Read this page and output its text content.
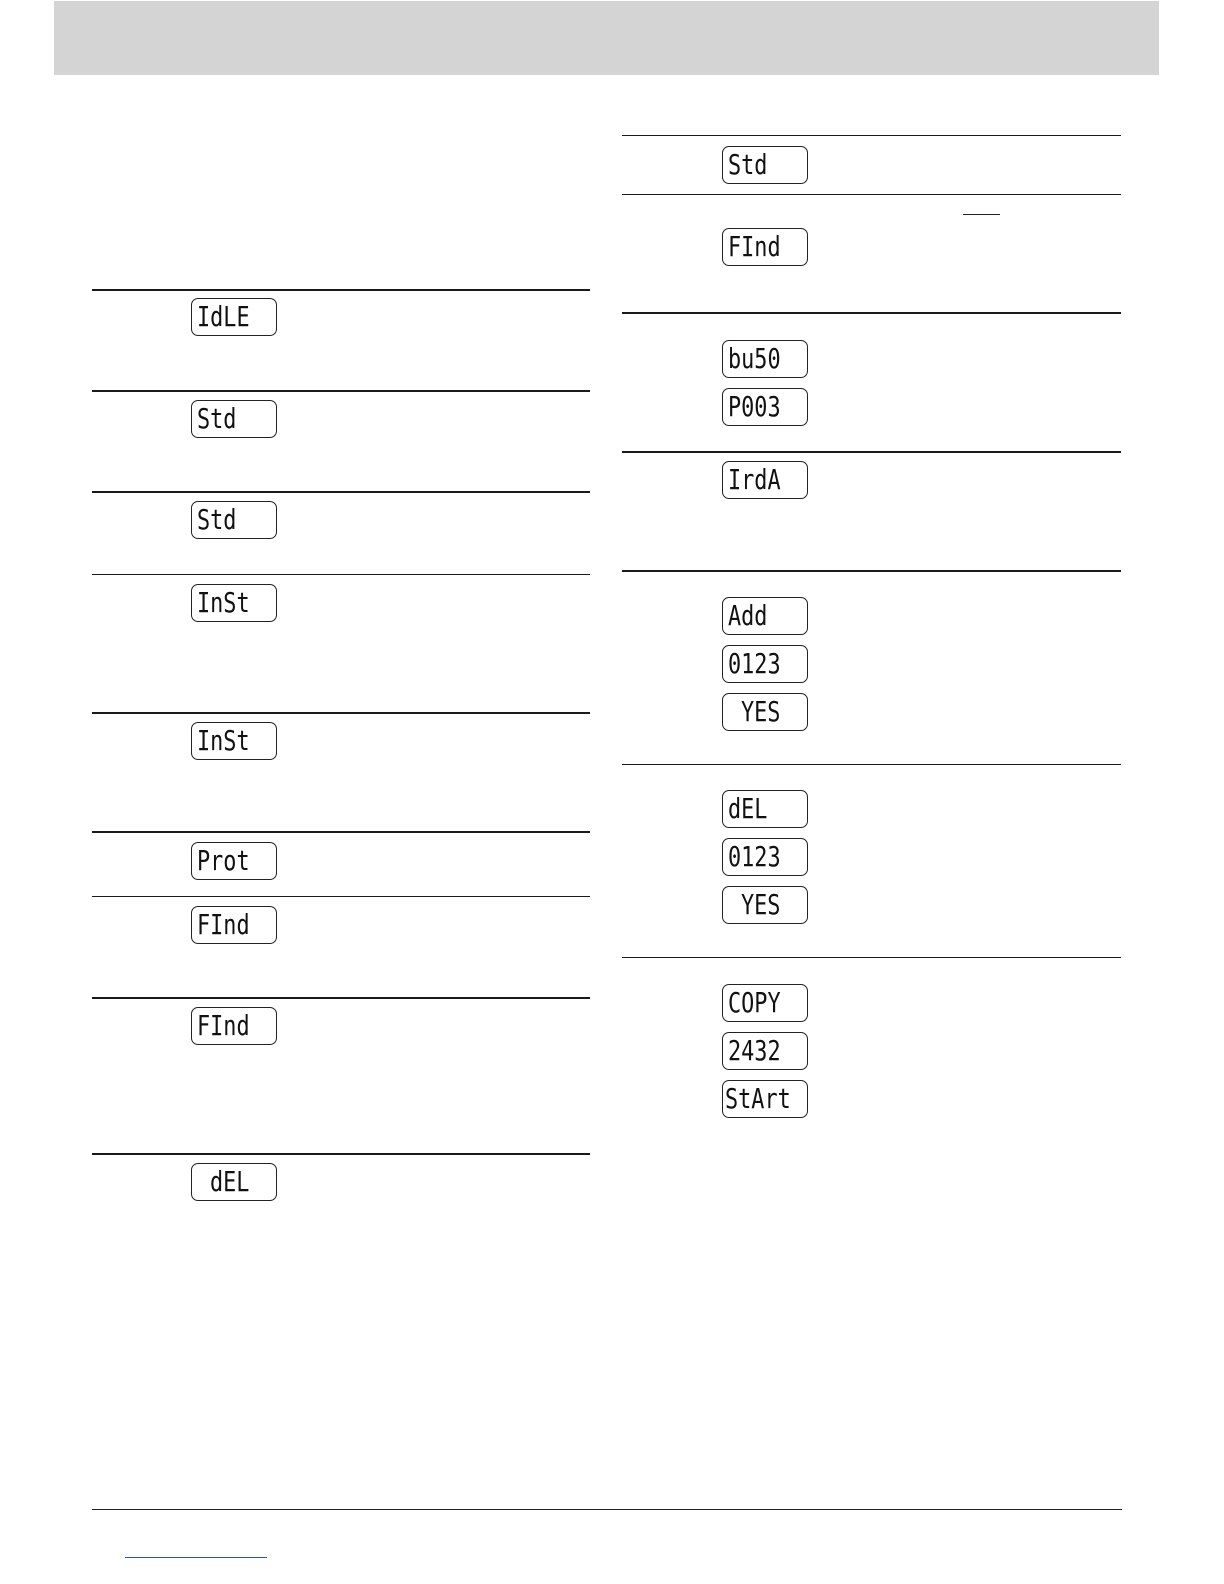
IdLE
Std
Std
InSt
InSt
Prot
FInd
FInd
dEL
Std
FInd
bu50
P003
IrdA
Add
0123
YES
dEL
0123
YES
COPY
2432
StArt
